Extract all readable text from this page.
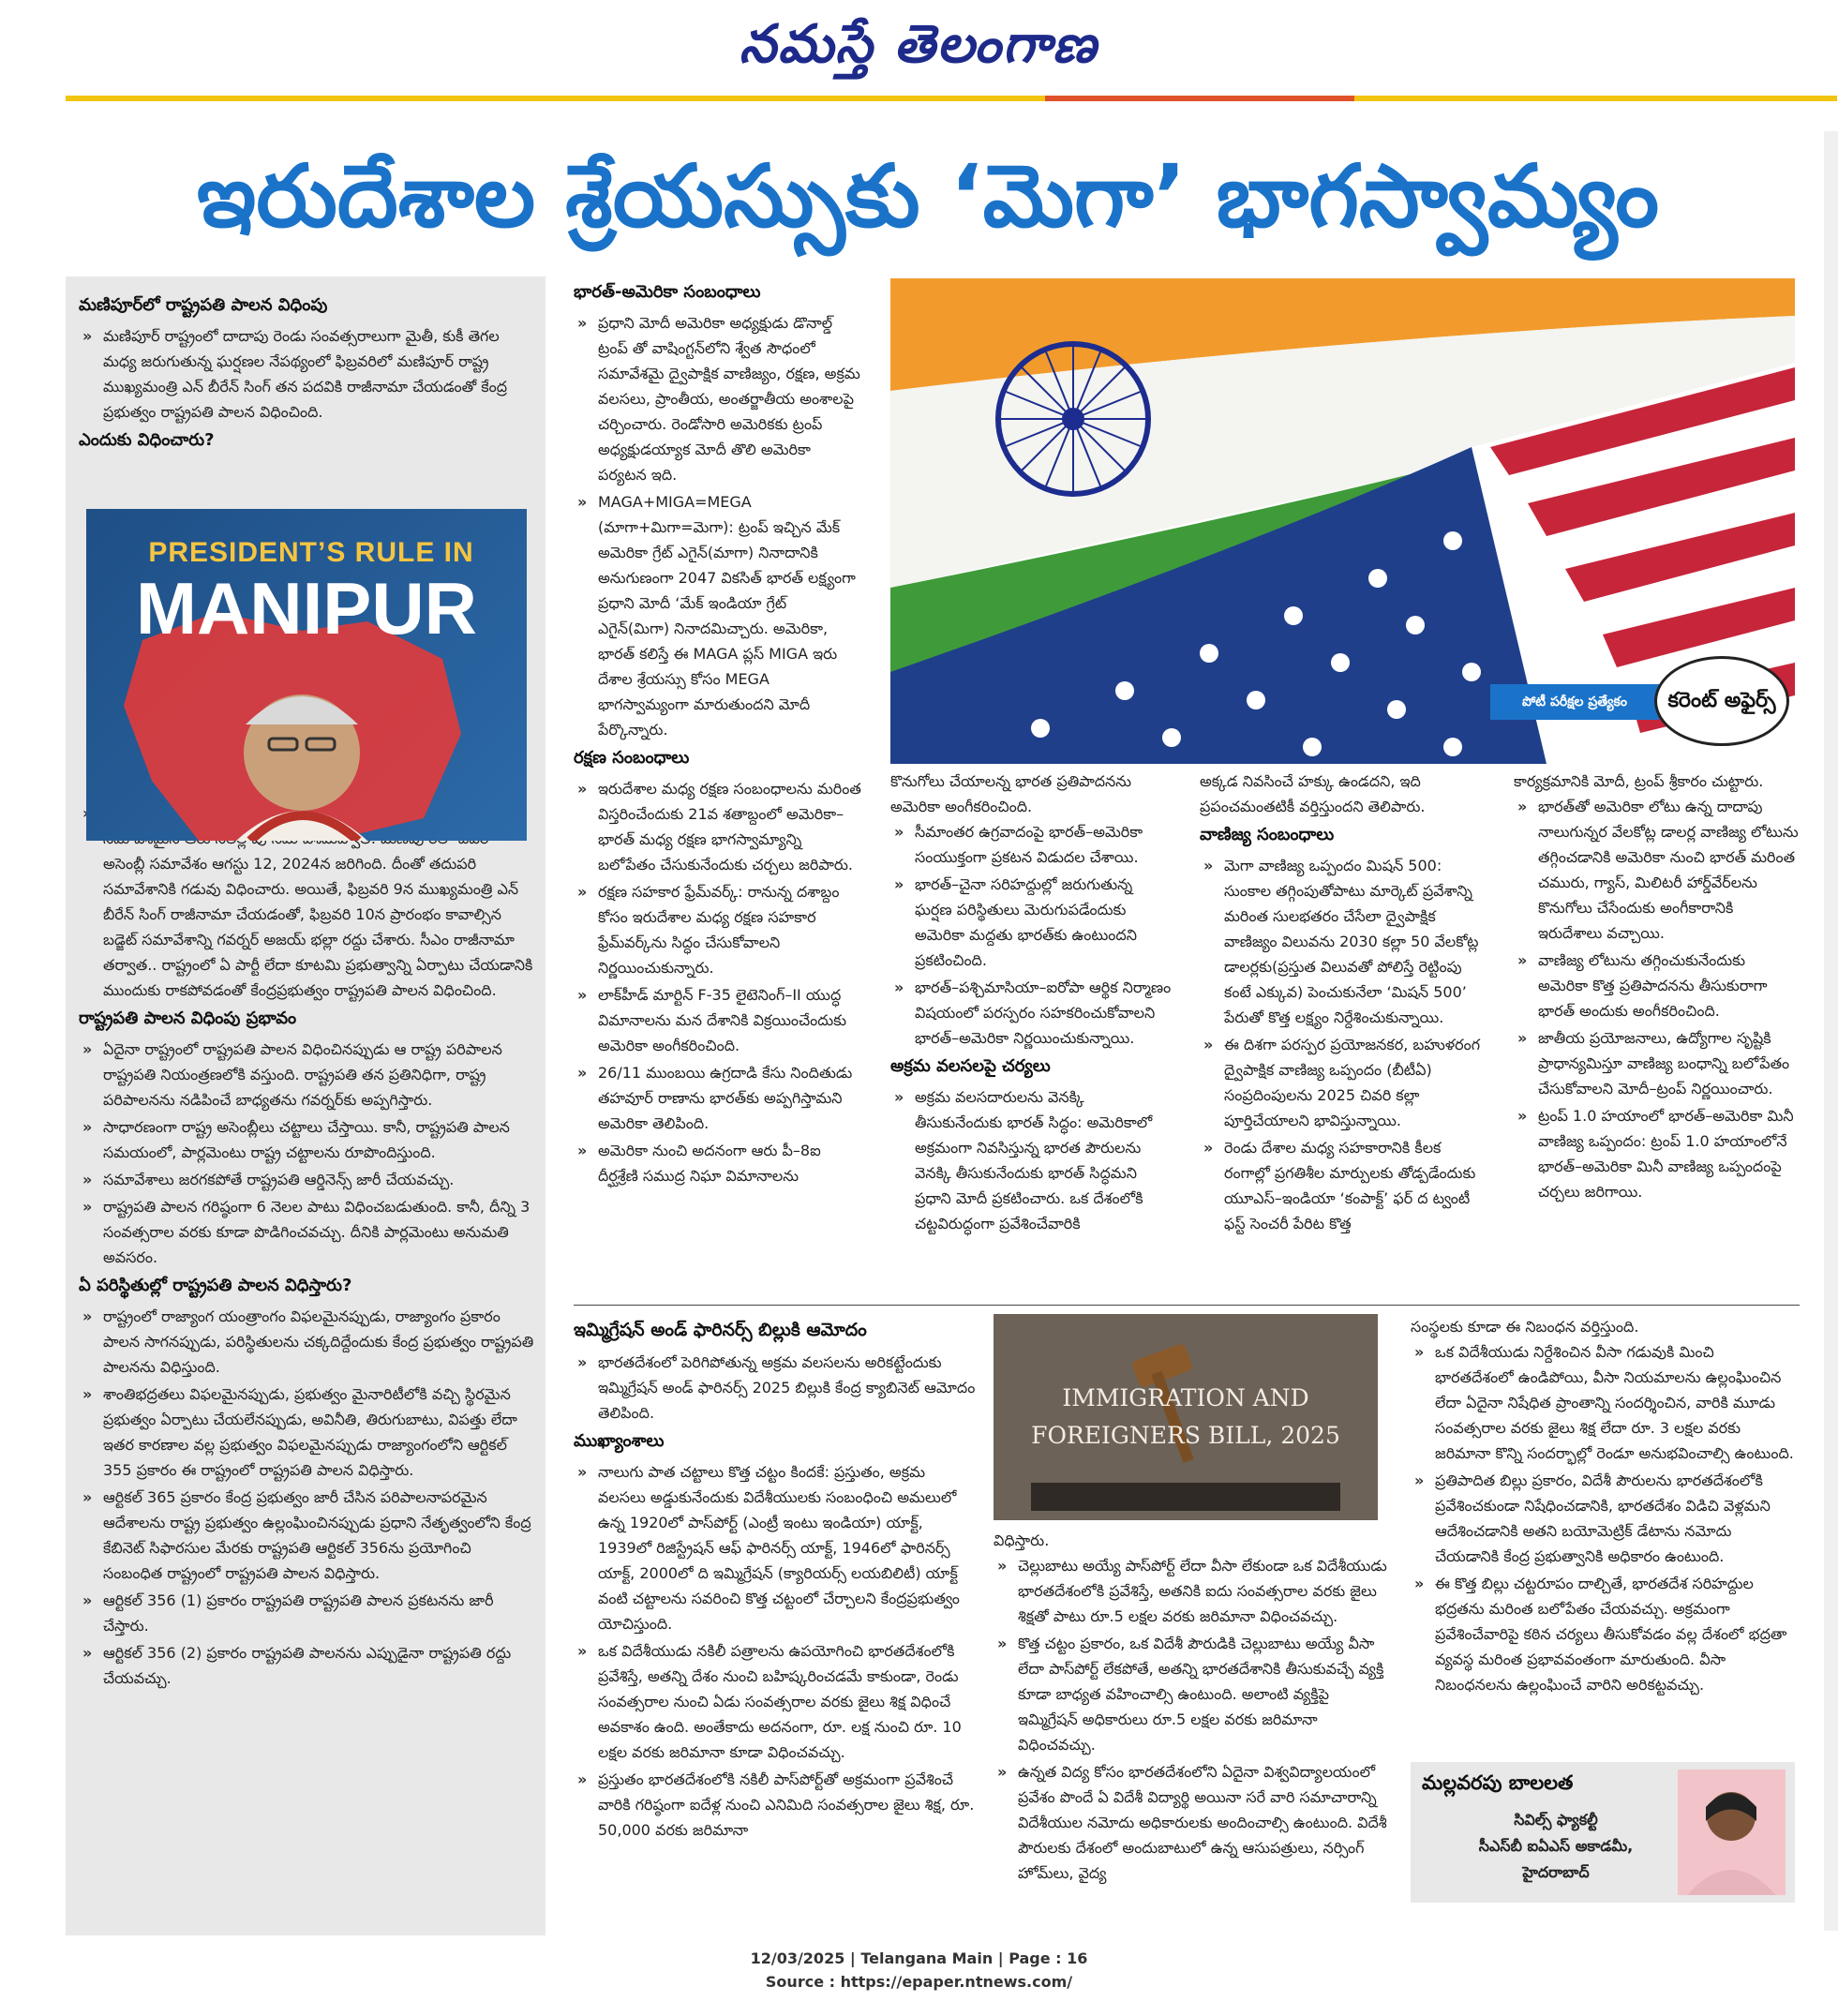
నమస్తే తెలంగాణ
ఇరుదేశాల శ్రేయస్సుకు ‘మెగా’ భాగస్వామ్యం
మణిపూర్‌లో రాష్ట్రపతి పాలన విధింపు
» మణిపూర్ రాష్ట్రంలో దాదాపు రెండు సంవత్సరాలుగా మైతీ, కుకీ తెగల మధ్య జరుగుతున్న ఘర్షణల నేపథ్యంలో ఫిబ్రవరిలో మణిపూర్ రాష్ట్ర ముఖ్యమంత్రి ఎన్ బీరేన్ సింగ్ తన పదవికి రాజీనామా చేయడంతో కేంద్ర ప్రభుత్వం రాష్ట్రపతి పాలన విధించింది.
ఎందుకు విధించారు?
» అసెంబ్లీ సమావేశం ఆగస్టు 12, 2024న జరిగింది. దీంతో తదుపరి సమావేశానికి గడువు విధించారు. అయితే, ఫిబ్రవరి 9న ముఖ్యమంత్రి ఎన్ బీరేన్ సింగ్ రాజీనామా చేయడంతో, ఫిబ్రవరి 10న ప్రారంభం కావాల్సిన బడ్జెట్ సమావేశాన్ని గవర్నర్ అజయ్ భల్లా రద్దు చేశారు. సీఎం రాజీనామా తర్వాత.. రాష్ట్రంలో ఏ పార్టీ లేదా కూటమి ప్రభుత్వాన్ని ఏర్పాటు చేయడానికి ముందుకు రాకపోవడంతో కేంద్రప్రభుత్వం రాష్ట్రపతి పాలన విధించింది.
రాష్ట్రపతి పాలన విధింపు ప్రభావం
» ఏదైనా రాష్ట్రంలో రాష్ట్రపతి పాలన విధించినప్పుడు ఆ రాష్ట్ర పరిపాలన రాష్ట్రపతి నియంత్రణలోకి వస్తుంది. రాష్ట్రపతి తన ప్రతినిధిగా, రాష్ట్ర పరిపాలనను నడిపించే బాధ్యతను గవర్నర్‌కు అప్పగిస్తారు.
» సాధారణంగా రాష్ట్ర అసెంబ్లీలు చట్టాలు చేస్తాయి. కానీ, రాష్ట్రపతి పాలన సమయంలో, పార్లమెంటు రాష్ట్ర చట్టాలను రూపొందిస్తుంది.
» సమావేశాలు జరగకపోతే రాష్ట్రపతి ఆర్డినెన్స్ జారీ చేయవచ్చు.
» రాష్ట్రపతి పాలన గరిష్ఠంగా 6 నెలల పాటు విధించబడుతుంది. కానీ, దీన్ని 3 సంవత్సరాల వరకు కూడా పొడిగించవచ్చు. దీనికి పార్లమెంటు అనుమతి అవసరం.
ఏ పరిస్థితుల్లో రాష్ట్రపతి పాలన విధిస్తారు?
» రాష్ట్రంలో రాజ్యాంగ యంత్రాంగం విఫలమైనప్పుడు, రాజ్యాంగం ప్రకారం పాలన సాగనప్పుడు, పరిస్థితులను చక్కదిద్దేందుకు కేంద్ర ప్రభుత్వం రాష్ట్రపతి పాలనను విధిస్తుంది.
» శాంతిభద్రతలు విఫలమైనప్పుడు, ప్రభుత్వం మైనారిటీలోకి వచ్చి స్థిరమైన ప్రభుత్వం ఏర్పాటు చేయలేనప్పుడు, అవినీతి, తిరుగుబాటు, విపత్తు లేదా ఇతర కారణాల వల్ల ప్రభుత్వం విఫలమైనప్పుడు రాజ్యాంగంలోని ఆర్టికల్ 355 ప్రకారం ఈ రాష్ట్రంలో రాష్ట్రపతి పాలన విధిస్తారు.
» ఆర్టికల్ 365 ప్రకారం కేంద్ర ప్రభుత్వం జారీ చేసిన పరిపాలనాపరమైన ఆదేశాలను రాష్ట్ర ప్రభుత్వం ఉల్లంఘించినప్పుడు ప్రధాని నేతృత్వంలోని కేంద్ర కేబినెట్ సిఫారసుల మేరకు రాష్ట్రపతి ఆర్టికల్ 356ను ప్రయోగించి సంబంధిత రాష్ట్రంలో రాష్ట్రపతి పాలన విధిస్తారు.
» ఆర్టికల్ 356 (1) ప్రకారం రాష్ట్రపతి రాష్ట్రపతి పాలన ప్రకటనను జారీ చేస్తారు.
» ఆర్టికల్ 356 (2) ప్రకారం రాష్ట్రపతి పాలనను ఎప్పుడైనా రాష్ట్రపతి రద్దు చేయవచ్చు.
PRESIDENT’S RULE IN
MANIPUR
భారత్-అమెరికా సంబంధాలు
» ప్రధాని మోదీ అమెరికా అధ్యక్షుడు డొనాల్డ్ ట్రంప్ తో వాషింగ్టన్‌లోని శ్వేత సౌధంలో సమావేశమై ద్వైపాక్షిక వాణిజ్యం, రక్షణ, అక్రమ వలసలు, ప్రాంతీయ, అంతర్జాతీయ అంశాలపై చర్చించారు. రెండోసారి అమెరికకు ట్రంప్ అధ్యక్షుడయ్యాక మోదీ తొలి అమెరికా పర్యటన ఇది.
» MAGA+MIGA=MEGA (మాగా+మిగా=మెగా): ట్రంప్ ఇచ్చిన మేక్ అమెరికా గ్రేట్ ఎగైన్(మాగా) నినాదానికి అనుగుణంగా 2047 వికసిత్ భారత్ లక్ష్యంగా ప్రధాని మోదీ ‘మేక్ ఇండియా గ్రేట్ ఎగైన్(మిగా) నినాదమిచ్చారు. అమెరికా, భారత్ కలిస్తే ఈ MAGA ప్లస్ MIGA ఇరు దేశాల శ్రేయస్సు కోసం MEGA భాగస్వామ్యంగా మారుతుందని మోదీ పేర్కొన్నారు.
రక్షణ సంబంధాలు
» ఇరుదేశాల మధ్య రక్షణ సంబంధాలను మరింత విస్తరించేందుకు 21వ శతాబ్దంలో అమెరికా–భారత్ మధ్య రక్షణ భాగస్వామ్యాన్ని బలోపేతం చేసుకునేందుకు చర్చలు జరిపారు.
» రక్షణ సహకార ఫ్రేమ్‌వర్క్: రానున్న దశాబ్దం కోసం ఇరుదేశాల మధ్య రక్షణ సహకార ఫ్రేమ్‌వర్క్‌ను సిద్ధం చేసుకోవాలని నిర్ణయించుకున్నారు.
» లాక్‌హీడ్ మార్టిన్ F-35 లైటెనింగ్–II యుద్ధ విమానాలను మన దేశానికి విక్రయించేందుకు అమెరికా అంగీకరించింది.
» 26/11 ముంబయి ఉగ్రదాడి కేసు నిందితుడు తహవూర్ రాణాను భారత్‌కు అప్పగిస్తామని అమెరికా తెలిపింది.
» అమెరికా నుంచి అదనంగా ఆరు పీ–8ఐ దీర్ఘశ్రేణి సముద్ర నిఘా విమానాలను
పోటీ పరీక్షల ప్రత్యేకం	కరెంట్ అఫైర్స్
కొనుగోలు చేయాలన్న భారత ప్రతిపాదనను అమెరికా అంగీకరించింది.
» సీమాంతర ఉగ్రవాదంపై భారత్–అమెరికా సంయుక్తంగా ప్రకటన విడుదల చేశాయి.
» భారత్–చైనా సరిహద్దుల్లో జరుగుతున్న ఘర్షణ పరిస్థితులు మెరుగుపడేందుకు అమెరికా మద్దతు భారత్‌కు ఉంటుందని ప్రకటించింది.
» భారత్–పశ్చిమాసియా–ఐరోపా ఆర్థిక నిర్మాణం విషయంలో పరస్పరం సహకరించుకోవాలని భారత్–అమెరికా నిర్ణయించుకున్నాయి.
అక్రమ వలసలపై చర్యలు
» అక్రమ వలసదారులను వెనక్కి తీసుకునేందుకు భారత్ సిద్ధం: అమెరికాలో అక్రమంగా నివసిస్తున్న భారత పౌరులను వెనక్కి తీసుకునేందుకు భారత్ సిద్ధమని ప్రధాని మోదీ ప్రకటించారు. ఒక దేశంలోకి చట్టవిరుద్ధంగా ప్రవేశించేవారికి
అక్కడ నివసించే హక్కు ఉండదని, ఇది ప్రపంచమంతటికీ వర్తిస్తుందని తెలిపారు.
వాణిజ్య సంబంధాలు
» మెగా వాణిజ్య ఒప్పందం మిషన్ 500: సుంకాల తగ్గింపుతోపాటు మార్కెట్ ప్రవేశాన్ని మరింత సులభతరం చేసేలా ద్వైపాక్షిక వాణిజ్యం విలువను 2030 కల్లా 50 వేలకోట్ల డాలర్లకు(ప్రస్తుత విలువతో పోలిస్తే రెట్టింపు కంటే ఎక్కువ) పెంచుకునేలా ‘మిషన్ 500’ పేరుతో కొత్త లక్ష్యం నిర్దేశించుకున్నాయి.
» ఈ దిశగా పరస్పర ప్రయోజనకర, బహుళరంగ ద్వైపాక్షిక వాణిజ్య ఒప్పందం (బీటీఏ) సంప్రదింపులను 2025 చివరి కల్లా పూర్తిచేయాలని భావిస్తున్నాయి.
» రెండు దేశాల మధ్య సహకారానికి కీలక రంగాల్లో ప్రగతిశీల మార్పులకు తోడ్పడేందుకు యూఎస్–ఇండియా ‘కంపాక్ట్’ ఫర్ ద ట్వంటీ ఫస్ట్ సెంచరీ పేరిట కొత్త
కార్యక్రమానికి మోదీ, ట్రంప్ శ్రీకారం చుట్టారు.
» భారత్‌తో అమెరికా లోటు ఉన్న దాదాపు నాలుగున్నర వేలకోట్ల డాలర్ల వాణిజ్య లోటును తగ్గించడానికి అమెరికా నుంచి భారత్ మరింత చమురు, గ్యాస్, మిలిటరీ హార్డ్‌వేర్‌లను కొనుగోలు చేసేందుకు అంగీకారానికి ఇరుదేశాలు వచ్చాయి.
» వాణిజ్య లోటును తగ్గించుకునేందుకు అమెరికా కొత్త ప్రతిపాదనను తీసుకురాగా భారత్ అందుకు అంగీకరించింది.
» జాతీయ ప్రయోజనాలు, ఉద్యోగాల సృష్టికి ప్రాధాన్యమిస్తూ వాణిజ్య బంధాన్ని బలోపేతం చేసుకోవాలని మోదీ–ట్రంప్ నిర్ణయించారు.
» ట్రంప్ 1.0 హయాంలో భారత్–అమెరికా మినీ వాణిజ్య ఒప్పందం: ట్రంప్ 1.0 హయాంలోనే భారత్–అమెరికా మినీ వాణిజ్య ఒప్పందంపై చర్చలు జరిగాయి.
ఇమ్మిగ్రేషన్ అండ్ ఫారినర్స్ బిల్లుకి ఆమోదం
» భారతదేశంలో పెరిగిపోతున్న అక్రమ వలసలను అరికట్టేందుకు ఇమ్మిగ్రేషన్ అండ్ ఫారినర్స్ 2025 బిల్లుకి కేంద్ర క్యాబినెట్ ఆమోదం తెలిపింది.
ముఖ్యాంశాలు
» నాలుగు పాత చట్టాలు కొత్త చట్టం కిందకే: ప్రస్తుతం, అక్రమ వలసలు అడ్డుకునేందుకు విదేశీయులకు సంబంధించి అమలులో ఉన్న 1920లో పాస్‌పోర్ట్ (ఎంట్రీ ఇంటు ఇండియా) యాక్ట్, 1939లో రిజిస్ట్రేషన్ ఆఫ్ ఫారినర్స్ యాక్ట్, 1946లో ఫారినర్స్ యాక్ట్, 2000లో ది ఇమ్మిగ్రేషన్ (క్యారియర్స్ లయబిలిటీ) యాక్ట్ వంటి చట్టాలను సవరించి కొత్త చట్టంలో చేర్చాలని కేంద్రప్రభుత్వం యోచిస్తుంది.
» ఒక విదేశీయుడు నకిలీ పత్రాలను ఉపయోగించి భారతదేశంలోకి ప్రవేశిస్తే, అతన్ని దేశం నుంచి బహిష్కరించడమే కాకుండా, రెండు సంవత్సరాల నుంచి ఏడు సంవత్సరాల వరకు జైలు శిక్ష విధించే అవకాశం ఉంది. అంతేకాదు అదనంగా, రూ. లక్ష నుంచి రూ. 10 లక్షల వరకు జరిమానా కూడా విధించవచ్చు.
» ప్రస్తుతం భారతదేశంలోకి నకిలీ పాస్‌పోర్ట్‌తో అక్రమంగా ప్రవేశించే వారికి గరిష్ఠంగా ఐదేళ్ల నుంచి ఎనిమిది సంవత్సరాల జైలు శిక్ష, రూ. 50,000 వరకు జరిమానా
IMMIGRATION AND FOREIGNERS BILL, 2025
విధిస్తారు.
» చెల్లుబాటు అయ్యే పాస్‌పోర్ట్ లేదా వీసా లేకుండా ఒక విదేశీయుడు భారతదేశంలోకి ప్రవేశిస్తే, అతనికి ఐదు సంవత్సరాల వరకు జైలు శిక్షతో పాటు రూ.5 లక్షల వరకు జరిమానా విధించవచ్చు.
» కొత్త చట్టం ప్రకారం, ఒక విదేశీ పౌరుడికి చెల్లుబాటు అయ్యే వీసా లేదా పాస్‌పోర్ట్ లేకపోతే, అతన్ని భారతదేశానికి తీసుకువచ్చే వ్యక్తి కూడా బాధ్యత వహించాల్సి ఉంటుంది. అలాంటి వ్యక్తిపై ఇమ్మిగ్రేషన్ అధికారులు రూ.5 లక్షల వరకు జరిమానా విధించవచ్చు.
» ఉన్నత విద్య కోసం భారతదేశంలోని ఏదైనా విశ్వవిద్యాలయంలో ప్రవేశం పొందే ఏ విదేశీ విద్యార్థి అయినా సరే వారి సమాచారాన్ని విదేశీయుల నమోదు అధికారులకు అందించాల్సి ఉంటుంది. విదేశీ పౌరులకు దేశంలో అందుబాటులో ఉన్న ఆసుపత్రులు, నర్సింగ్ హోమ్‌లు, వైద్య
సంస్థలకు కూడా ఈ నిబంధన వర్తిస్తుంది.
» ఒక విదేశీయుడు నిర్దేశించిన వీసా గడువుకి మించి భారతదేశంలో ఉండిపోయి, వీసా నియమాలను ఉల్లంఘించిన లేదా ఏదైనా నిషేధిత ప్రాంతాన్ని సందర్శించిన, వారికి మూడు సంవత్సరాల వరకు జైలు శిక్ష లేదా రూ. 3 లక్షల వరకు జరిమానా కొన్ని సందర్భాల్లో రెండూ అనుభవించాల్సి ఉంటుంది.
» ప్రతిపాదిత బిల్లు ప్రకారం, విదేశీ పౌరులను భారతదేశంలోకి ప్రవేశించకుండా నిషేధించడానికి, భారతదేశం విడిచి వెళ్లమని ఆదేశించడానికి అతని బయోమెట్రిక్ డేటాను నమోదు చేయడానికి కేంద్ర ప్రభుత్వానికి అధికారం ఉంటుంది.
» ఈ కొత్త బిల్లు చట్టరూపం దాల్చితే, భారతదేశ సరిహద్దుల భద్రతను మరింత బలోపేతం చేయవచ్చు. అక్రమంగా ప్రవేశించేవారిపై కఠిన చర్యలు తీసుకోవడం వల్ల దేశంలో భద్రతా వ్యవస్థ మరింత ప్రభావవంతంగా మారుతుంది. వీసా నిబంధనలను ఉల్లంఘించే వారిని అరికట్టవచ్చు.
మల్లవరపు బాలలత
సివిల్స్ ఫ్యాకల్టీ
సీఎస్‌బీ ఐఏఎస్ అకాడమీ,
హైదరాబాద్
12/03/2025 | Telangana Main | Page : 16
Source : https://epaper.ntnews.com/
